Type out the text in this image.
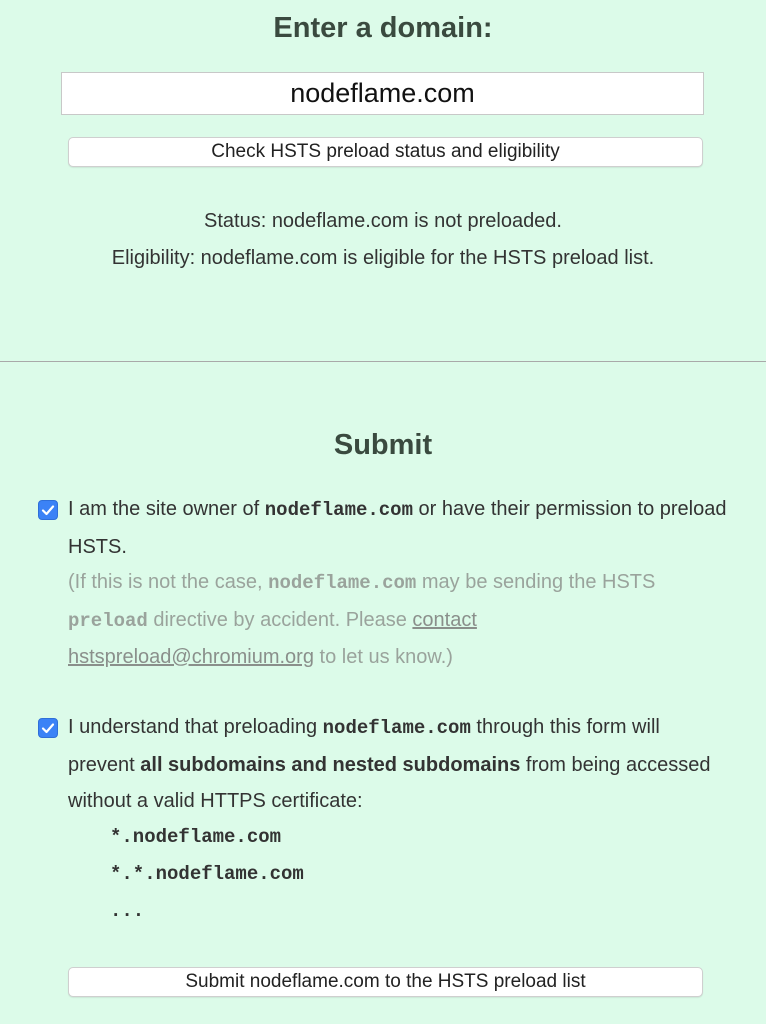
Enter a domain:
nodeflame.com
Check HSTS preload status and eligibility
Status: nodeflame.com is not preloaded.
Eligibility: nodeflame.com is eligible for the HSTS preload list.
Submit
I am the site owner of nodeflame.com or have their permission to preload HSTS.
(If this is not the case, nodeflame.com may be sending the HSTS preload directive by accident. Please contact hstspreload@chromium.org to let us know.)
I understand that preloading nodeflame.com through this form will prevent all subdomains and nested subdomains from being accessed without a valid HTTPS certificate:
*.nodeflame.com
*.*.nodeflame.com
...
Submit nodeflame.com to the HSTS preload list
